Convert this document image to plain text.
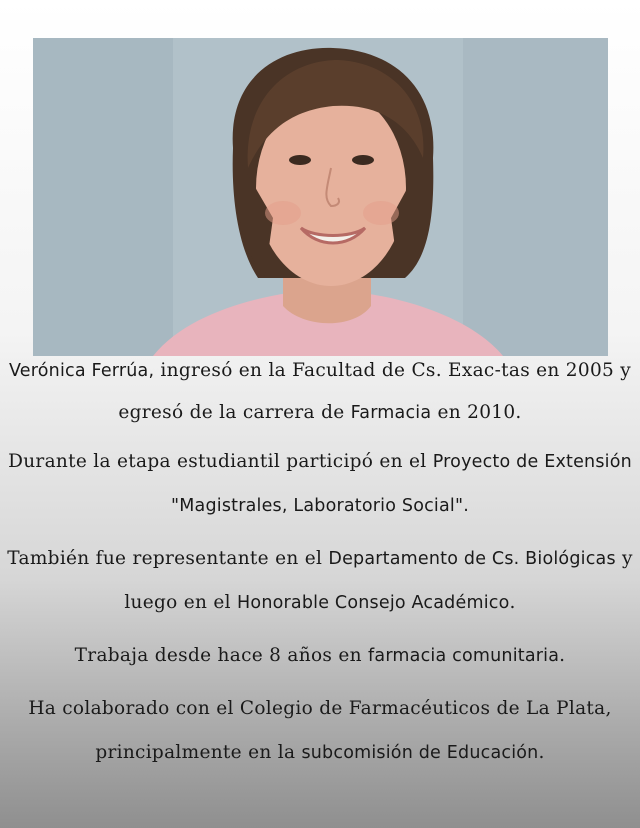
Verónica Ferrúa, ingresó en la Facultad de Cs. Exac-tas en 2005 y egresó de la carrera de Farmacia en 2010.

Durante la etapa estudiantil participó en el Proyecto de Extensión "Magistrales, Laboratorio Social".

También fue representante en el Departamento de Cs. Biológicas y luego en el Honorable Consejo Académico.

Trabaja desde hace 8 años en farmacia comunitaria.

Ha colaborado con el Colegio de Farmacéuticos de La Plata, principalmente en la subcomisión de Educación.
